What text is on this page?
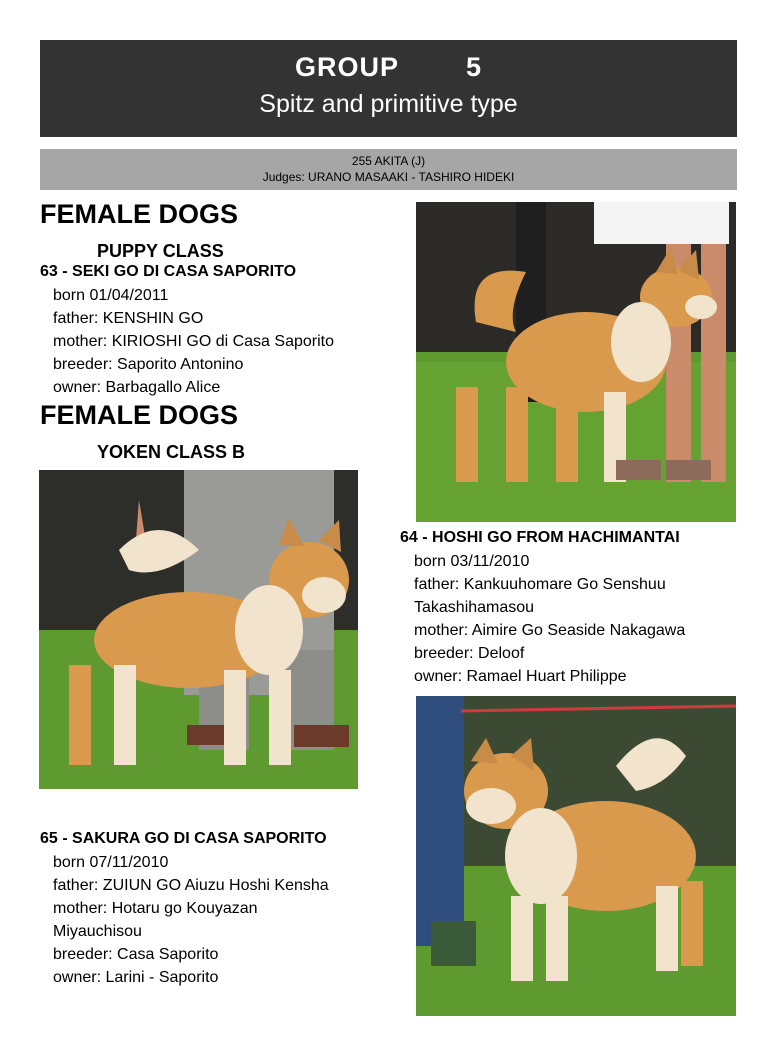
GROUP   5
Spitz and primitive type
255 AKITA (J)
Judges: URANO MASAAKI - TASHIRO HIDEKI
FEMALE DOGS
PUPPY CLASS
63 - SEKI GO DI CASA SAPORITO
born 01/04/2011
father: KENSHIN GO
mother: KIRIOSHI GO di Casa Saporito
breeder: Saporito Antonino
owner: Barbagallo Alice
FEMALE DOGS
YOKEN CLASS B
64 - HOSHI GO FROM HACHIMANTAI
born 03/11/2010
father: Kankuuhomare Go Senshuu
Takashihamasou
mother: Aimire Go Seaside Nakagawa
breeder: Deloof
owner: Ramael Huart Philippe
65 - SAKURA GO DI CASA SAPORITO
born 07/11/2010
father: ZUIUN GO Aiuzu Hoshi Kensha
mother: Hotaru go Kouyazan
Miyauchisou
breeder: Casa Saporito
owner: Larini - Saporito
